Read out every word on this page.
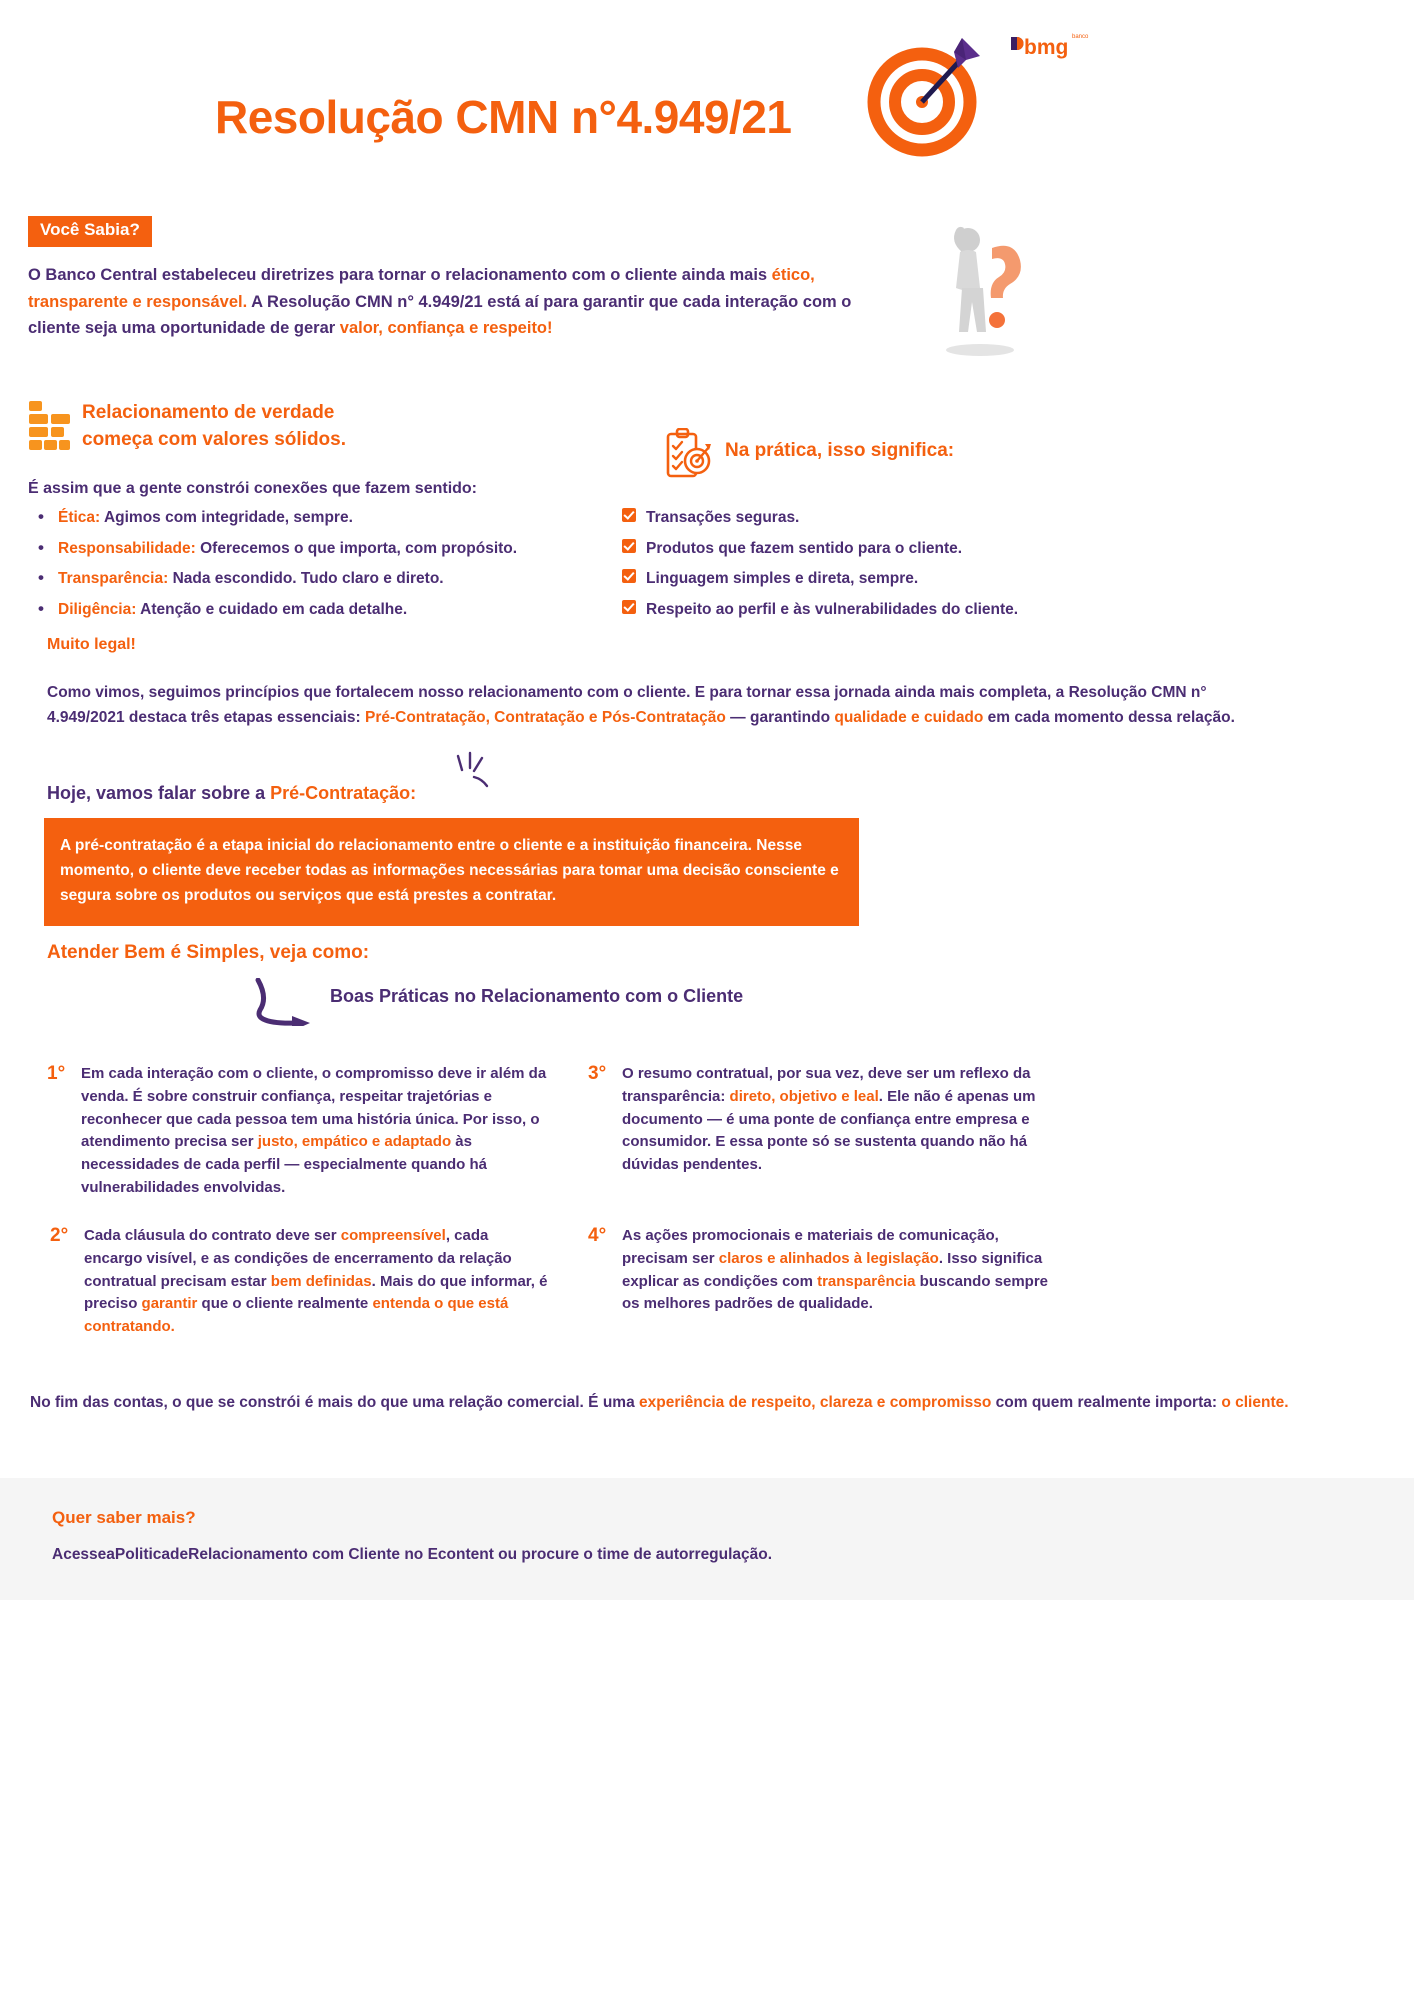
Resolução CMN n°4.949/21
bmg banco
Você Sabia?
O Banco Central estabeleceu diretrizes para tornar o relacionamento com o cliente ainda mais ético, transparente e responsável. A Resolução CMN n° 4.949/21 está aí para garantir que cada interação com o cliente seja uma oportunidade de gerar valor, confiança e respeito!
Relacionamento de verdade
começa com valores sólidos.
É assim que a gente constrói conexões que fazem sentido:
• Ética: Agimos com integridade, sempre.
• Responsabilidade: Oferecemos o que importa, com propósito.
• Transparência: Nada escondido. Tudo claro e direto.
• Diligência: Atenção e cuidado em cada detalhe.
Na prática, isso significa:
Transações seguras.
Produtos que fazem sentido para o cliente.
Linguagem simples e direta, sempre.
Respeito ao perfil e às vulnerabilidades do cliente.
Muito legal!
Como vimos, seguimos princípios que fortalecem nosso relacionamento com o cliente. E para tornar essa jornada ainda mais completa, a Resolução CMN n° 4.949/2021 destaca três etapas essenciais: Pré-Contratação, Contratação e Pós-Contratação — garantindo qualidade e cuidado em cada momento dessa relação.
Hoje, vamos falar sobre a Pré-Contratação:
A pré-contratação é a etapa inicial do relacionamento entre o cliente e a instituição financeira. Nesse momento, o cliente deve receber todas as informações necessárias para tomar uma decisão consciente e segura sobre os produtos ou serviços que está prestes a contratar.
Atender Bem é Simples, veja como:
Boas Práticas no Relacionamento com o Cliente
1° Em cada interação com o cliente, o compromisso deve ir além da venda. É sobre construir confiança, respeitar trajetórias e reconhecer que cada pessoa tem uma história única. Por isso, o atendimento precisa ser justo, empático e adaptado às necessidades de cada perfil — especialmente quando há vulnerabilidades envolvidas.
2° Cada cláusula do contrato deve ser compreensível, cada encargo visível, e as condições de encerramento da relação contratual precisam estar bem definidas. Mais do que informar, é preciso garantir que o cliente realmente entenda o que está contratando.
3° O resumo contratual, por sua vez, deve ser um reflexo da transparência: direto, objetivo e leal. Ele não é apenas um documento — é uma ponte de confiança entre empresa e consumidor. E essa ponte só se sustenta quando não há dúvidas pendentes.
4° As ações promocionais e materiais de comunicação, precisam ser claros e alinhados à legislação. Isso significa explicar as condições com transparência buscando sempre os melhores padrões de qualidade.
No fim das contas, o que se constrói é mais do que uma relação comercial. É uma experiência de respeito, clareza e compromisso com quem realmente importa: o cliente.
Quer saber mais?
AcesseaPoliticadeRelacionamento com Cliente no Econtent ou procure o time de autorregulação.
